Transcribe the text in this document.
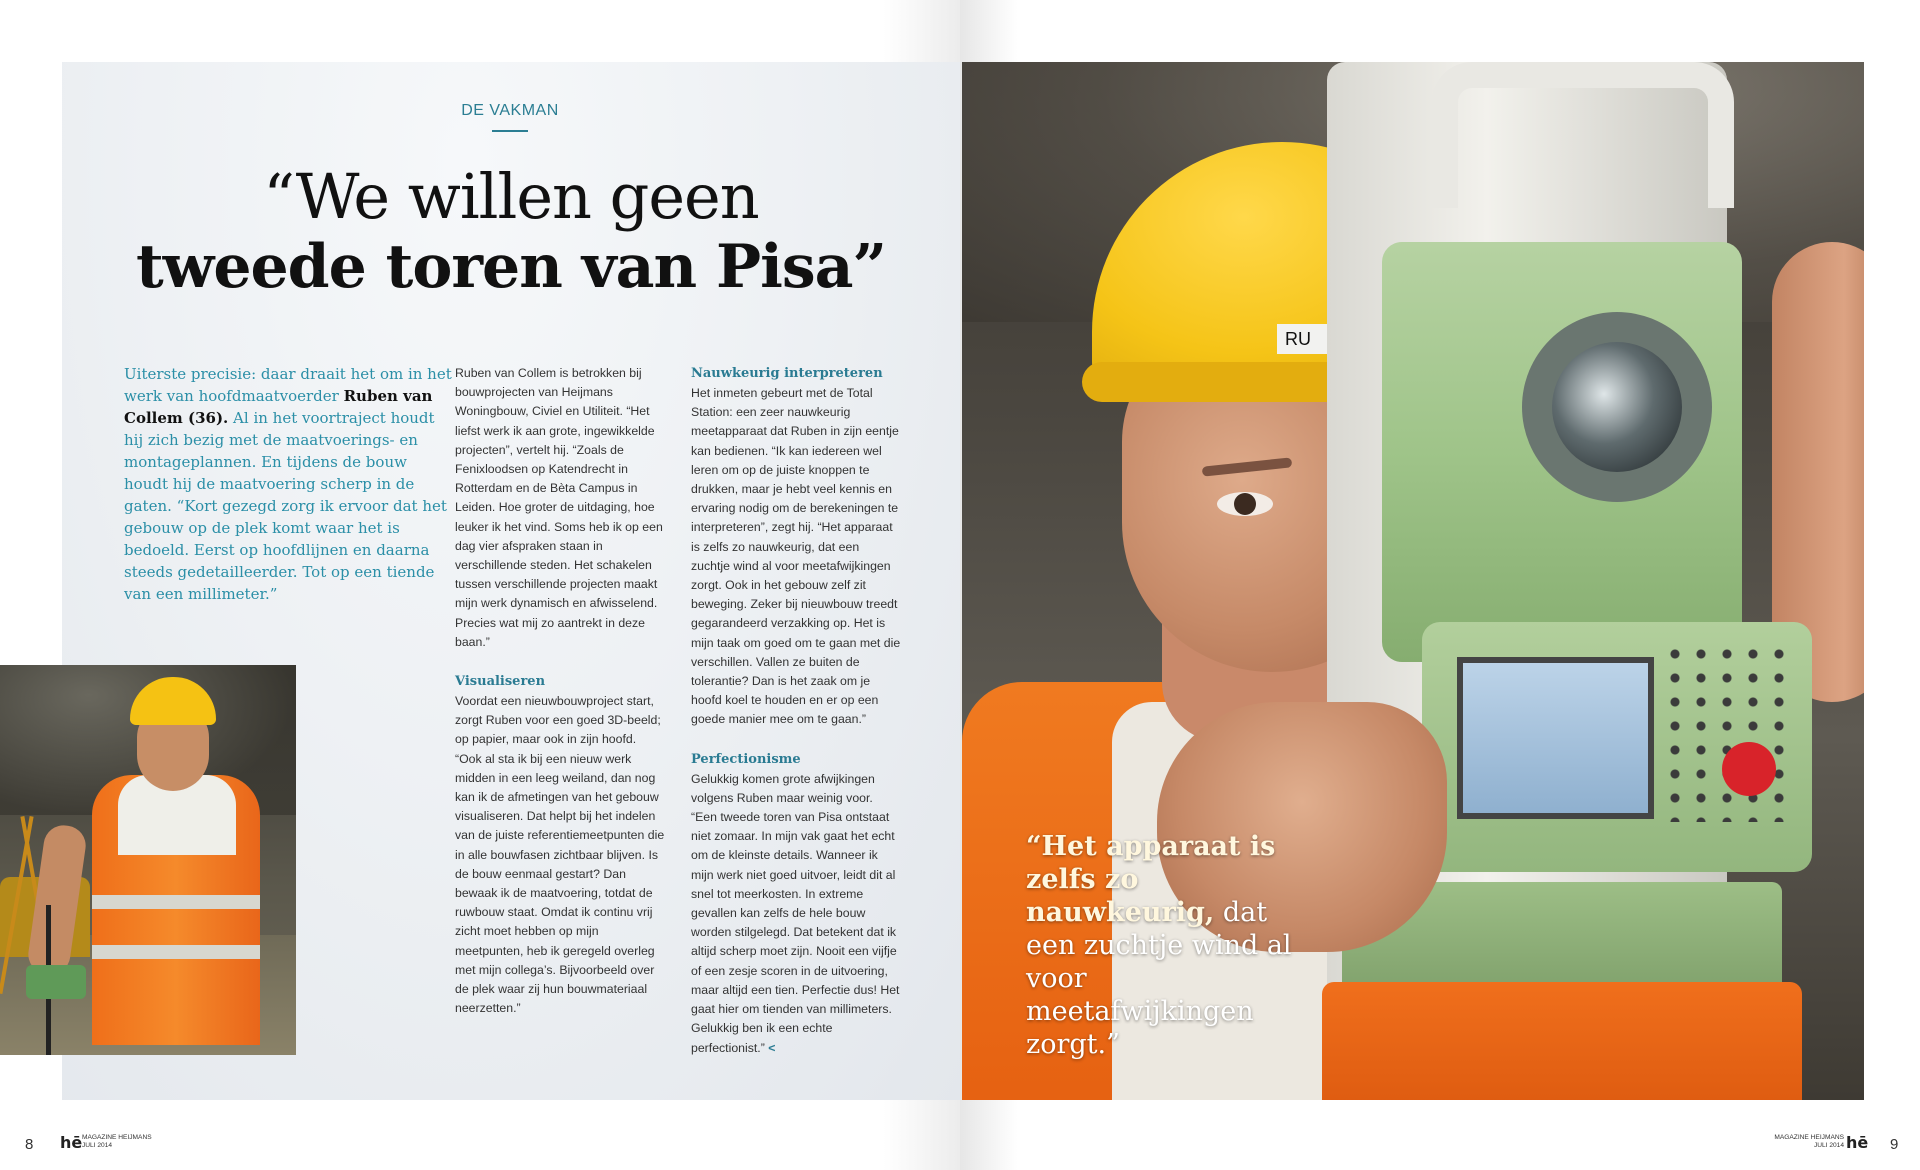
DE VAKMAN
“We willen geen
tweede toren van Pisa”
Uiterste precisie: daar draait het om in het werk van hoofdmaatvoerder Ruben van Collem (36). Al in het voortraject houdt hij zich bezig met de maatvoerings- en montageplannen. En tijdens de bouw houdt hij de maatvoering scherp in de gaten. “Kort gezegd zorg ik ervoor dat het gebouw op de plek komt waar het is bedoeld. Eerst op hoofdlijnen en daarna steeds gedetailleerder. Tot op een tiende van een millimeter.”

Ruben van Collem is betrokken bij bouwprojecten van Heijmans Woningbouw, Civiel en Utiliteit. “Het liefst werk ik aan grote, ingewikkelde projecten”, vertelt hij. “Zoals de Fenixloodsen op Katendrecht in Rotterdam en de Bèta Campus in Leiden. Hoe groter de uitdaging, hoe leuker ik het vind. Soms heb ik op een dag vier afspraken staan in verschillende steden. Het schakelen tussen verschillende projecten maakt mijn werk dynamisch en afwisselend. Precies wat mij zo aantrekt in deze baan.”

Visualiseren

Voordat een nieuwbouwproject start, zorgt Ruben voor een goed 3D-beeld; op papier, maar ook in zijn hoofd. “Ook al sta ik bij een nieuw werk midden in een leeg weiland, dan nog kan ik de afmetingen van het gebouw visualiseren. Dat helpt bij het indelen van de juiste referentiemeetpunten die in alle bouwfasen zichtbaar blijven. Is de bouw eenmaal gestart? Dan bewaak ik de maatvoering, totdat de ruwbouw staat. Omdat ik continu vrij zicht moet hebben op mijn meetpunten, heb ik geregeld overleg met mijn collega’s. Bijvoorbeeld over de plek waar zij hun bouwmateriaal neerzetten.”

Nauwkeurig interpreteren

Het inmeten gebeurt met de Total Station: een zeer nauwkeurig meetapparaat dat Ruben in zijn eentje kan bedienen. “Ik kan iedereen wel leren om op de juiste knoppen te drukken, maar je hebt veel kennis en ervaring nodig om de berekeningen te interpreteren”, zegt hij. “Het apparaat is zelfs zo nauwkeurig, dat een zuchtje wind al voor meetafwijkingen zorgt. Ook in het gebouw zelf zit beweging. Zeker bij nieuwbouw treedt gegarandeerd verzakking op. Het is mijn taak om goed om te gaan met die verschillen. Vallen ze buiten de tolerantie? Dan is het zaak om je hoofd koel te houden en er op een goede manier mee om te gaan.”

Perfectionisme

Gelukkig komen grote afwijkingen volgens Ruben maar weinig voor. “Een tweede toren van Pisa ontstaat niet zomaar. In mijn vak gaat het echt om de kleinste details. Wanneer ik mijn werk niet goed uitvoer, leidt dit al snel tot meerkosten. In extreme gevallen kan zelfs de hele bouw worden stilgelegd. Dat betekent dat ik altijd scherp moet zijn. Nooit een vijfje of een zesje scoren in de uitvoering, maar altijd een tien. Perfectie dus! Het gaat hier om tienden van millimeters. Gelukkig ben ik een echte perfectionist.” <

RU
“Het apparaat is zelfs zo nauwkeurig, dat een zuchtje wind al voor meetafwijkingen zorgt.”
8 hē MAGAZINE HEIJMANS
JULI 2014
MAGAZINE HEIJMANS
JULI 2014 hē 9
